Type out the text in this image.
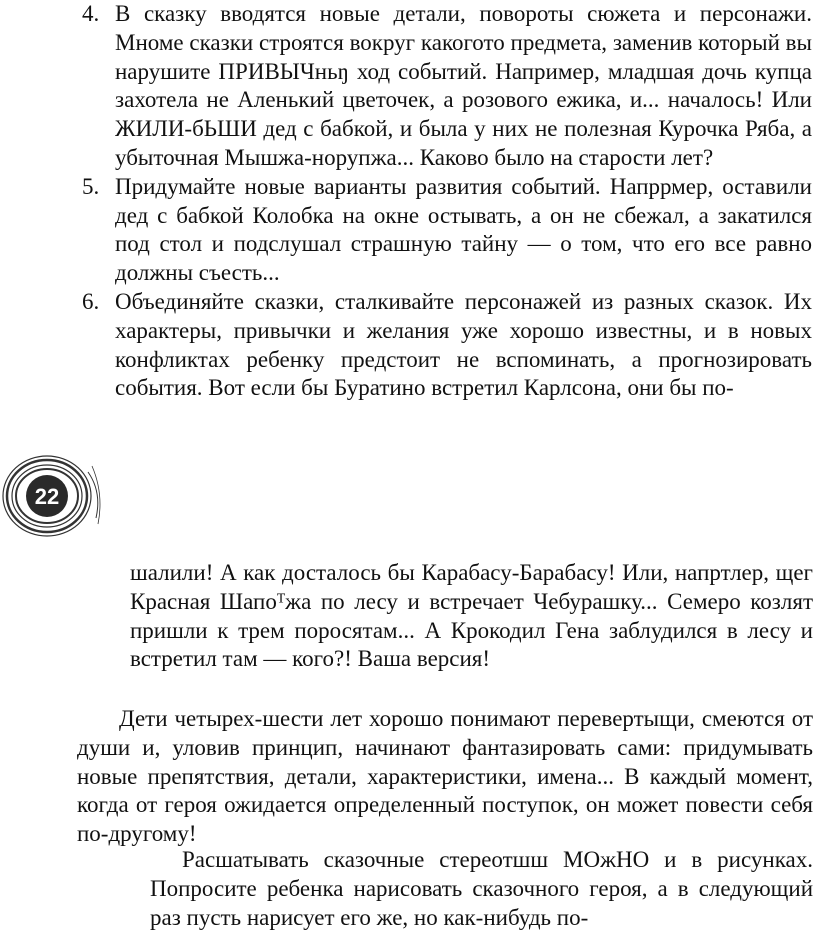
4. В сказку вводятся новые детали, повороты сюжета и персонажи. Мноме сказки строятся вокруг какогото предмета, заменив который вы нарушите ПРИВЫЧньŋ ход событий. Например, младшая дочь купца захотела не Аленький цветочек, а розового ежика, и... началось! Или ЖИЛИ-бЬШИ дед с бабкой, и была у них не полезная Курочка Ряба, а убыточная Мышжа-норупжа... Каково было на старости лет?

5. Придумайте новые варианты развития событий. Напррмер, оставили дед с бабкой Колобка на окне остывать, а он не сбежал, а закатился под стол и подслушал страшную тайну — о том, что его все равно должны съесть...

6. Объединяйте сказки, сталкивайте персонажей из разных сказок. Их характеры, привычки и желания уже хорошо известны, и в новых конфликтах ребенку предстоит не вспоминать, а прогнозировать события. Вот если бы Буратино встретил Карлсона, они бы по-

22

шалили! А как досталось бы Карабасу-Барабасу! Или, напртлер, щег Красная Шапоᵀжа по лесу и встречает Чебурашку... Семеро козлят пришли к трем поросятам... А Крокодил Гена заблудился в лесу и встретил там — кого?! Ваша версия!

Дети четырех-шести лет хорошо понимают перевертыщи, смеются от души и, уловив принцип, начинают фантазировать сами: придумывать новые препятствия, детали, характеристики, имена... В каждый момент, когда от героя ожидается определенный поступок, он может повести себя по-другому!

Расшатывать сказочные стереотшш МОжНО и в рисунках. Попросите ребенка нарисовать сказочного героя, а в следующий раз пусть нарисует его же, но как-нибудь по-
